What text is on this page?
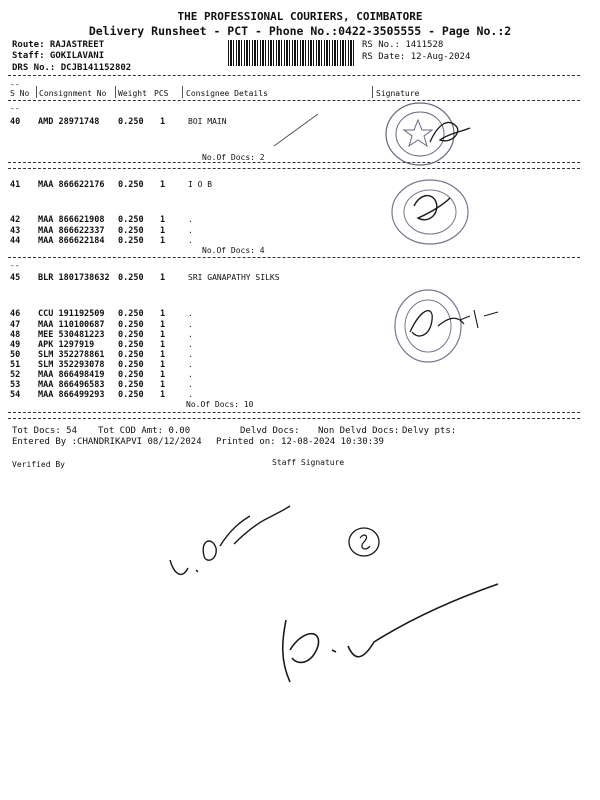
THE PROFESSIONAL COURIERS, COIMBATORE
Delivery Runsheet - PCT - Phone No.:0422-3505555 - Page No.:2
Route: RAJASTREET
Staff: GOKILAVANI
DRS No.: DCJB141152802
RS No.: 1411528
RS Date: 12-Aug-2024
--
S No Consignment No Weight PCS Consignee Details	Signature
--
40 AMD 28971748 0.250 1	BOI MAIN
No.Of Docs: 2
41 MAA 866622176 0.250 1	I O B
42 MAA 866621908 0.250 1	.
43 MAA 866622337 0.250 1	.
44 MAA 866622184 0.250 1	.
No.Of Docs: 4
--
45 BLR 1801738632 0.250 1	SRI GANAPATHY SILKS
46 CCU 191192509 0.250 1	.
47 MAA 110100687 0.250 1	.
48 MEE 530481223 0.250 1	.
49 APK 1297919	0.250 1	.
50 SLM 352278861 0.250 1	.
51 SLM 352293078 0.250 1	.
52 MAA 866498419 0.250 1	.
53 MAA 866496583 0.250 1	.
54 MAA 866499293 0.250 1	.
No.Of Docs: 10
Tot Docs: 54 Tot COD Amt: 0.00	Delvd Docs: Non Delvd Docs: Delvy pts:
Entered By :CHANDRIKAPVI 08/12/2024 Printed on: 12-08-2024 10:30:39
Verified By	Staff Signature
